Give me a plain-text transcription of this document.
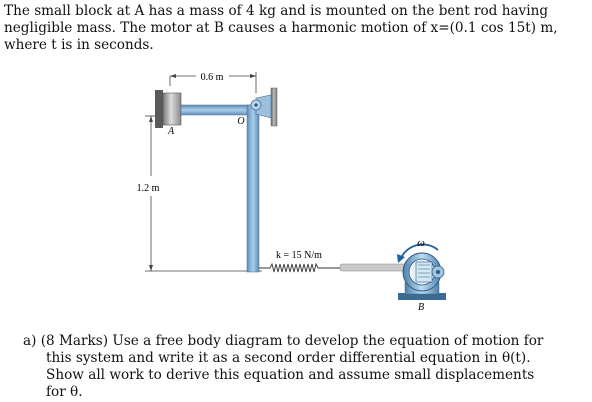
The small block at A has a mass of 4 kg and is mounted on the bent rod having
negligible mass. The motor at B causes a harmonic motion of x=(0.1 cos 15t) m,
where t is in seconds.
0.6 m
1.2 m
A
O
k = 15 N/m
ω
B
a) (8 Marks) Use a free body diagram to develop the equation of motion for
this system and write it as a second order differential equation in θ(t).
Show all work to derive this equation and assume small displacements
for θ.
